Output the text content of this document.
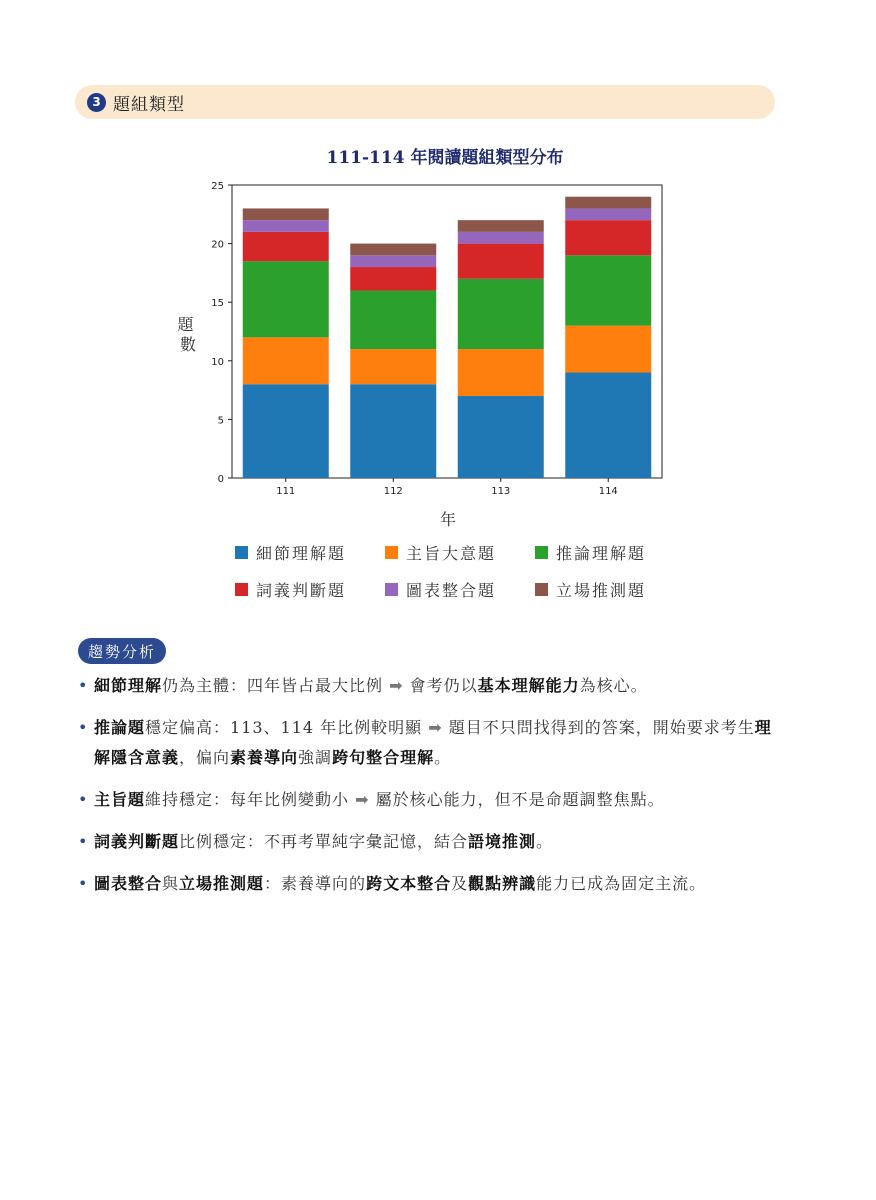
3 題組類型
111-114 年閱讀題組類型分布
0
5
10
15
20
25
111	112	113	114
年
題 數
細節理解題	主旨大意題	推論理解題
詞義判斷題	圖表整合題	立場推測題
趨勢分析
• 細節理解仍為主體：四年皆占最大比例 ➡ 會考仍以基本理解能力為核心。
• 推論題穩定偏高：113、114 年比例較明顯 ➡ 題目不只問找得到的答案，開始要求考生理解隱含意義，偏向素養導向強調跨句整合理解。
• 主旨題維持穩定：每年比例變動小 ➡ 屬於核心能力，但不是命題調整焦點。
• 詞義判斷題比例穩定：不再考單純字彙記憶，結合語境推測。
• 圖表整合與立場推測題：素養導向的跨文本整合及觀點辨識能力已成為固定主流。
